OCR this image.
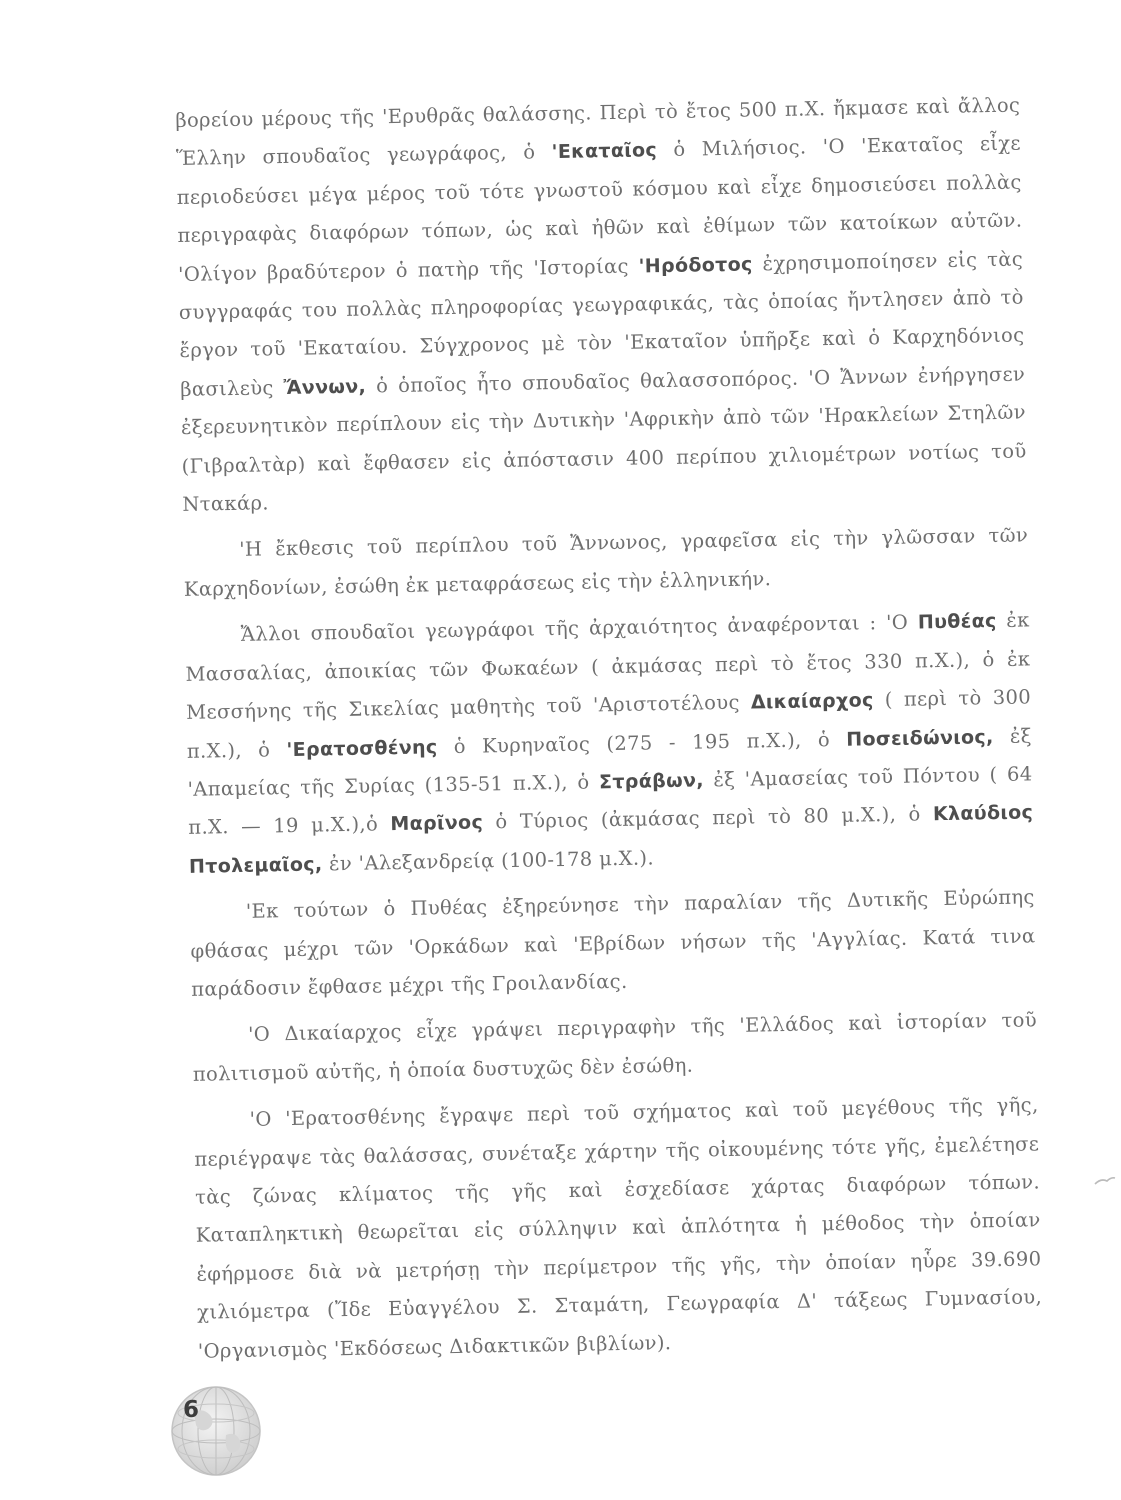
βορείου μέρους τῆς 'Ερυθρᾶς θαλάσσης. Περὶ τὸ ἔτος 500 π.Χ. ἤκμασε καὶ ἄλλος Ἕλλην σπουδαῖος γεωγράφος, ὁ 'Εκαταῖος ὁ Μιλήσιος. 'Ο 'Εκαταῖος εἶχε περιοδεύσει μέγα μέρος τοῦ τότε γνωστοῦ κόσμου καὶ εἶχε δημοσιεύσει πολλὰς περιγραφὰς διαφόρων τόπων, ὡς καὶ ἠθῶν καὶ ἐθίμων τῶν κατοίκων αὐτῶν. 'Ολίγον βραδύτερον ὁ πατὴρ τῆς 'Ιστορίας 'Ηρόδοτος ἐχρησιμοποίησεν εἰς τὰς συγγραφάς του πολλὰς πληροφορίας γεωγραφικάς, τὰς ὁποίας ἤντλησεν ἀπὸ τὸ ἔργον τοῦ 'Εκαταίου. Σύγχρονος μὲ τὸν 'Εκαταῖον ὑπῆρξε καὶ ὁ Καρχηδόνιος βασιλεὺς Ἄννων, ὁ ὁποῖος ἦτο σπουδαῖος θαλασσοπόρος. 'Ο Ἄννων ἐνήργησεν ἐξερευνητικὸν περίπλουν εἰς τὴν Δυτικὴν 'Αφρικὴν ἀπὸ τῶν 'Ηρακλείων Στηλῶν (Γιβραλτὰρ) καὶ ἔφθασεν εἰς ἀπόστασιν 400 περίπου χιλιομέτρων νοτίως τοῦ Ντακάρ.

'Η ἔκθεσις τοῦ περίπλου τοῦ Ἄννωνος, γραφεῖσα εἰς τὴν γλῶσσαν τῶν Καρχηδονίων, ἐσώθη ἐκ μεταφράσεως εἰς τὴν ἑλληνικήν.

Ἄλλοι σπουδαῖοι γεωγράφοι τῆς ἀρχαιότητος ἀναφέρονται : 'Ο Πυθέας ἐκ Μασσαλίας, ἀποικίας τῶν Φωκαέων ( ἀκμάσας περὶ τὸ ἔτος 330 π.Χ.), ὁ ἐκ Μεσσήνης τῆς Σικελίας μαθητὴς τοῦ 'Αριστοτέλους Δικαίαρχος ( περὶ τὸ 300 π.Χ.), ὁ 'Ερατοσθένης ὁ Κυρηναῖος (275 - 195 π.Χ.), ὁ Ποσειδώνιος, ἐξ 'Απαμείας τῆς Συρίας (135-51 π.Χ.), ὁ Στράβων, ἐξ 'Αμασείας τοῦ Πόντου ( 64 π.Χ. — 19 μ.Χ.),ὁ Μαρῖνος ὁ Τύριος (ἀκμάσας περὶ τὸ 80 μ.Χ.), ὁ Κλαύδιος Πτολεμαῖος, ἐν 'Αλεξανδρείᾳ (100-178 μ.Χ.).

'Εκ τούτων ὁ Πυθέας ἐξηρεύνησε τὴν παραλίαν τῆς Δυτικῆς Εὐρώπης φθάσας μέχρι τῶν 'Ορκάδων καὶ 'Εβρίδων νήσων τῆς 'Αγγλίας. Κατά τινα παράδοσιν ἔφθασε μέχρι τῆς Γροιλανδίας.

'Ο Δικαίαρχος εἶχε γράψει περιγραφὴν τῆς 'Ελλάδος καὶ ἱστορίαν τοῦ πολιτισμοῦ αὐτῆς, ἡ ὁποία δυστυχῶς δὲν ἐσώθη.

'Ο 'Ερατοσθένης ἔγραψε περὶ τοῦ σχήματος καὶ τοῦ μεγέθους τῆς γῆς, περιέγραψε τὰς θαλάσσας, συνέταξε χάρτην τῆς οἰκουμένης τότε γῆς, ἐμελέτησε τὰς ζώνας κλίματος τῆς γῆς καὶ ἐσχεδίασε χάρτας διαφόρων τόπων. Καταπληκτικὴ θεωρεῖται εἰς σύλληψιν καὶ ἁπλότητα ἡ μέθοδος τὴν ὁποίαν ἐφήρμοσε διὰ νὰ μετρήσῃ τὴν περίμετρον τῆς γῆς, τὴν ὁποίαν ηὗρε 39.690 χιλιόμετρα (Ἴδε Εὐαγγέλου Σ. Σταμάτη, Γεωγραφία Δ' τάξεως Γυμνασίου, 'Οργανισμὸς 'Εκδόσεως Διδακτικῶν βιβλίων).

6
